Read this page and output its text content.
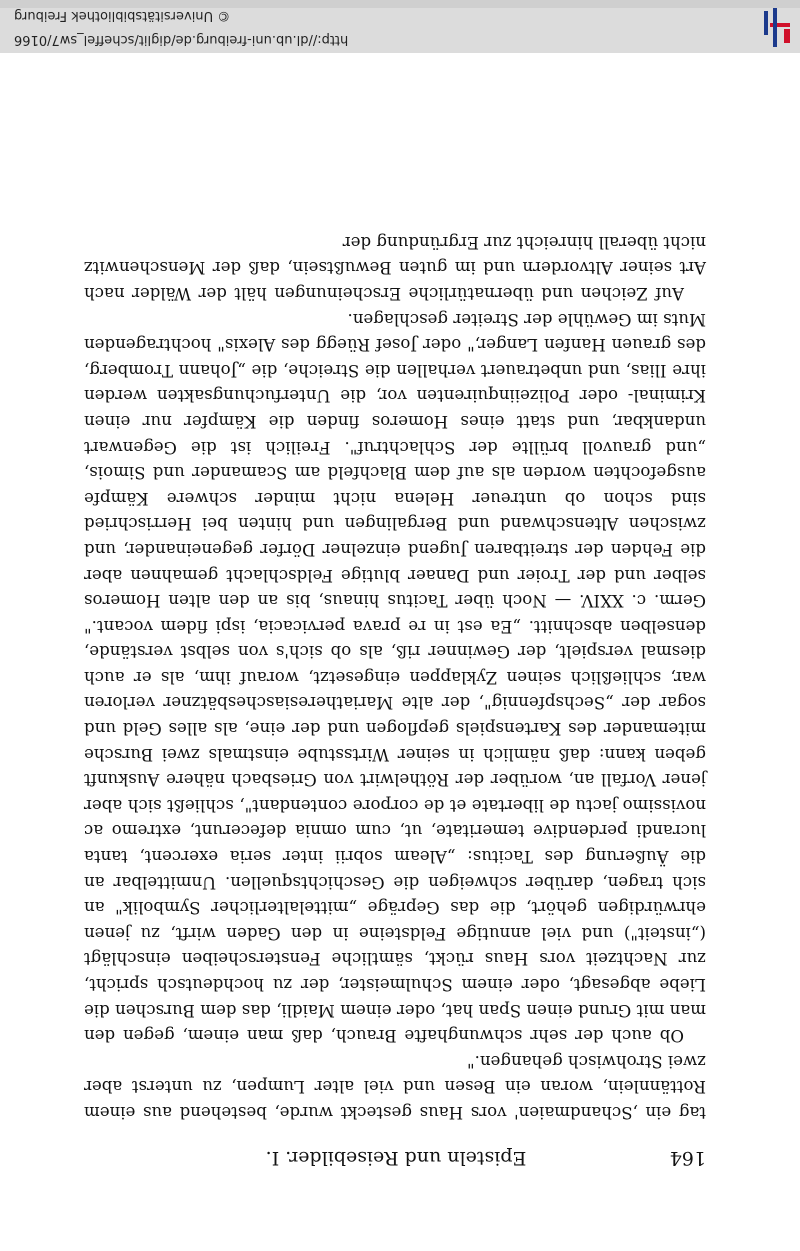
164
Episteln und Reisebilder. I.

tag ein ,Schandmaien' vors Haus gesteckt wurde, bestehend aus einem Rottännlein, woran ein Besen und viel alter Lumpen, zu unterst aber zwei Strohwisch gehangen."

Ob auch der sehr schwunghafte Brauch, daß man einem, gegen den man mit Grund einen Span hat, oder einem Maidli, das dem Burschen die Liebe abgesagt, oder einem Schulmeister, der zu hochdeutsch spricht, zur Nachtzeit vors Haus rückt, sämtliche Fensterscheiben einschlägt („insteit") und viel annutige Feldsteine in den Gaden wirft, zu jenen ehrwürdigen gehört, die das Gepräge „mittelalterlicher Symbolik" an sich tragen, darüber schweigen die Geschichtsquellen. Unmittelbar an die Äußerung des Tacitus: „Aleam sobrii inter seria exercent, tanta lucrandi perdendive temeritate, ut, cum omnia defecerunt, extremo ac novissimo jactu de libertate et de corpore contendant", schließt sich aber jener Vorfall an, worüber der Röthelwirt von Griesbach nähere Auskunft geben kann: daß nämlich in seiner Wirtsstube einstmals zwei Bursche mitemander des Kartenspiels gepflogen und der eine, als alles Geld und sogar der „Sechspfennig", der alte Mariatheresiaschesbätzner verloren war, schließlich seinen Zyklappen eingesetzt, worauf ihm, als er auch diesmal verspielt, der Gewinner riß, als ob sich's von selbst verstände, denselben abschnitt. „Ea est in re prava pervicacia, ispi fidem vocant." Germ. c. XXIV. — Noch über Tacitus hinaus, bis an den alten Homeros selber und der Troier und Danaer blutige Feldschlacht gemahnen aber die Fehden der streitbaren Jugend einzelner Dörfer gegeneinander, und zwischen Altenschwand und Bergalingen und hinten bei Herrischried sind schon ob untreuer Helena nicht minder schwere Kämpfe ausgefochten worden als auf dem Blachfeld am Scamander und Simois, „und grauvoll brüllte der Schlachtruf". Freilich ist die Gegenwart undankbar, und statt eines Homeros finden die Kämpfer nur einen Kriminal- oder Polizeiinquirenten vor, die Unterfuchungsakten werden ihre Ilias, und unbetrauert verhallen die Streiche, die „Johann Tromberg, des grauen Hanfen Langer," oder Josef Rüegg des Alexis" hochtragenden Muts im Gewühle der Streiter geschlagen.

Auf Zeichen und übernatürliche Erscheinungen hält der Wälder nach Art seiner Altvordern und im guten Bewußtsein, daß der Menschenwitz nicht überall hinreicht zur Ergründung der

http://dl.ub.uni-freiburg.de/diglit/scheffel_sw7/0166
© Universitätsbibliothek Freiburg
